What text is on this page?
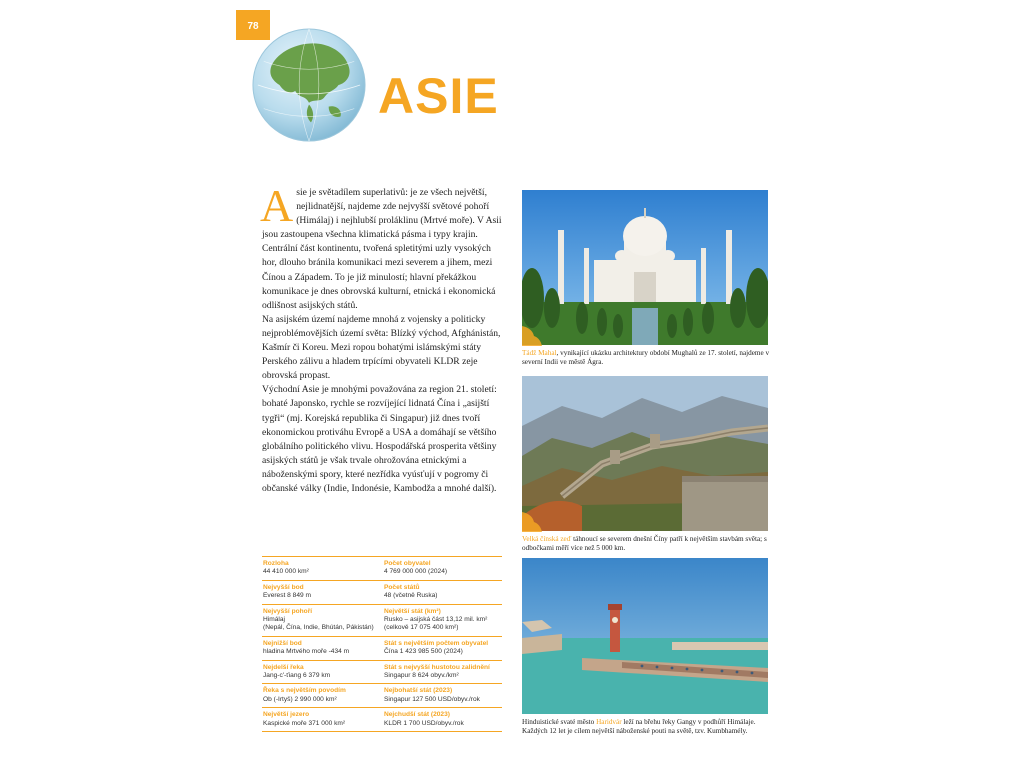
78
ASIE

Asie je světadílem superlativů: je ze všech největší, nejlidnatější, najdeme zde nejvyšší světové pohoří (Himálaj) i nejhlubší proláklinu (Mrtvé moře). V Asii jsou zastoupena všechna klimatická pásma i typy krajin. Centrální část kontinentu, tvořená spletitými uzly vysokých hor, dlouho bránila komunikaci mezi severem a jihem, mezi Čínou a Západem. To je již minulostí; hlavní překážkou komunikace je dnes obrovská kulturní, etnická i ekonomická odlišnost asijských států.

Na asijském území najdeme mnohá z vojensky a politicky nejproblémovějších území světa: Blízký východ, Afghánistán, Kašmír či Koreu. Mezi ropou bohatými islámskými státy Perského zálivu a hladem trpícími obyvateli KLDR zeje obrovská propast.

Východní Asie je mnohými považována za region 21. století: bohaté Japonsko, rychle se rozvíjející lidnatá Čína i „asijští tygři“ (mj. Korejská republika či Singapur) již dnes tvoří ekonomickou protiváhu Evropě a USA a domáhají se většího globálního politického vlivu. Hospodářská prosperita většiny asijských států je však trvale ohrožována etnickými a náboženskými spory, které nezřídka vyúsťují v pogromy či občanské války (Indie, Indonésie, Kambodža a mnohé další).

Rozloha
44 410 000 km²
Počet obyvatel
4 769 000 000 (2024)
Nejvyšší bod
Everest 8 849 m
Počet států
48 (včetně Ruska)
Nejvyšší pohoří
Himálaj
(Nepál, Čína, Indie, Bhútán, Pákistán)
Největší stát (km²)
Rusko – asijská část 13,12 mil. km²
(celkově 17 075 400 km²)
Nejnižší bod
hladina Mrtvého moře -434 m
Stát s největším počtem obyvatel
Čína 1 423 985 500 (2024)
Nejdelší řeka
Jang-c'-ťiang 6 379 km
Stát s nejvyšší hustotou zalidnění
Singapur 8 624 obyv./km²
Řeka s největším povodím
Ob (-Irtyš) 2 990 000 km²
Nejbohatší stát (2023)
Singapur 127 500 USD/obyv./rok
Největší jezero
Kaspické moře 371 000 km²
Nejchudší stát (2023)
KLDR 1 700 USD/obyv./rok
Tádž Mahal, vynikající ukázku architektury období Mughalů ze 17. století, najdeme v severní Indii ve městě Ágra.
Velká čínská zeď táhnoucí se severem dnešní Číny patří k největším stavbám světa; s odbočkami měří více než 5 000 km.
Hinduistické svaté město Haridvár leží na břehu řeky Gangy v podhůří Himálaje. Každých 12 let je cílem největší náboženské pouti na světě, tzv. Kumbhamély.
